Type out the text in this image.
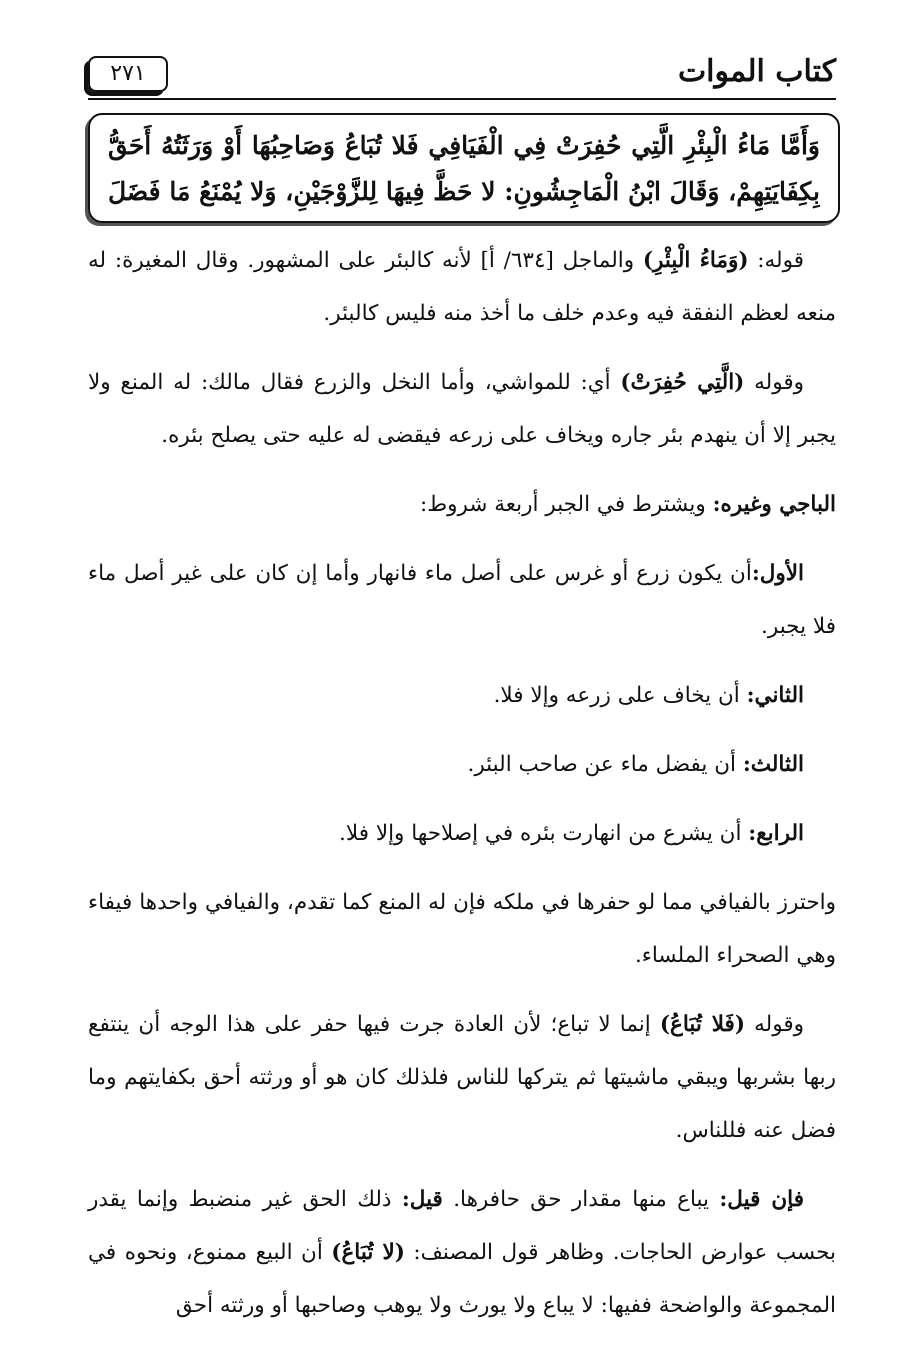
كتاب الموات
٢٧١
وَأَمَّا مَاءُ الْبِئْرِ الَّتِي حُفِرَتْ فِي الْفَيَافِي فَلا تُبَاعُ وَصَاحِبُهَا أَوْ وَرَثَتُهُ أَحَقُّ
بِكِفَايَتِهِمْ، وَقَالَ ابْنُ الْمَاجِشُونِ: لا حَظَّ فِيهَا لِلزَّوْجَيْنِ، وَلا يُمْنَعُ مَا فَضَلَ

قوله: (وَمَاءُ الْبِئْرِ) والماجل [٦٣٤/ أ] لأنه كالبئر على المشهور. وقال المغيرة: له منعه لعظم النفقة فيه وعدم خلف ما أخذ منه فليس كالبئر.

وقوله (الَّتِي حُفِرَتْ) أي: للمواشي، وأما النخل والزرع فقال مالك: له المنع ولا يجبر إلا أن ينهدم بئر جاره ويخاف على زرعه فيقضى له عليه حتى يصلح بئره.

الباجي وغيره: ويشترط في الجبر أربعة شروط:

الأول:أن يكون زرع أو غرس على أصل ماء فانهار وأما إن كان على غير أصل ماء فلا يجبر.

الثاني: أن يخاف على زرعه وإلا فلا.

الثالث: أن يفضل ماء عن صاحب البئر.

الرابع: أن يشرع من انهارت بئره في إصلاحها وإلا فلا.

واحترز بالفيافي مما لو حفرها في ملكه فإن له المنع كما تقدم، والفيافي واحدها فيفاء وهي الصحراء الملساء.

وقوله (فَلا تُبَاعُ) إنما لا تباع؛ لأن العادة جرت فيها حفر على هذا الوجه أن ينتفع ربها بشربها ويبقي ماشيتها ثم يتركها للناس فلذلك كان هو أو ورثته أحق بكفايتهم وما فضل عنه فللناس.

فإن قيل: يباع منها مقدار حق حافرها. قيل: ذلك الحق غير منضبط وإنما يقدر بحسب عوارض الحاجات. وظاهر قول المصنف: (لا تُبَاعُ) أن البيع ممنوع، ونحوه في المجموعة والواضحة ففيها: لا يباع ولا يورث ولا يوهب وصاحبها أو ورثته أحق
